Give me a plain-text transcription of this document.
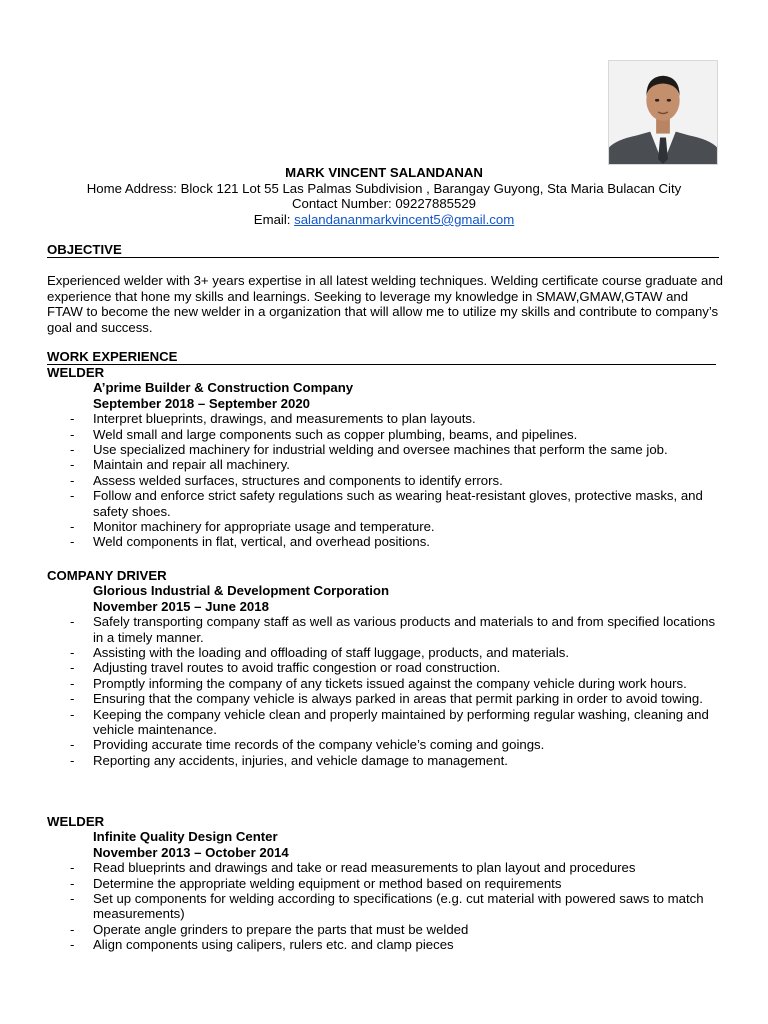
MARK VINCENT SALANDANAN
Home Address: Block 121 Lot 55 Las Palmas Subdivision , Barangay Guyong, Sta Maria Bulacan City
Contact Number: 09227885529
Email: salandananmarkvincent5@gmail.com
OBJECTIVE
Experienced welder with 3+ years expertise in all latest welding techniques. Welding certificate course graduate and experience that hone my skills and learnings. Seeking to leverage my knowledge in SMAW,GMAW,GTAW and FTAW to become the new welder in a organization that will allow me to utilize my skills and contribute to company’s goal and success.
WORK EXPERIENCE
WELDER
A’prime Builder & Construction Company
September 2018 – September 2020
- Interpret blueprints, drawings, and measurements to plan layouts.
- Weld small and large components such as copper plumbing, beams, and pipelines.
- Use specialized machinery for industrial welding and oversee machines that perform the same job.
- Maintain and repair all machinery.
- Assess welded surfaces, structures and components to identify errors.
- Follow and enforce strict safety regulations such as wearing heat-resistant gloves, protective masks, and safety shoes.
- Monitor machinery for appropriate usage and temperature.
- Weld components in flat, vertical, and overhead positions.
COMPANY DRIVER
Glorious Industrial & Development Corporation
November 2015 – June 2018
- Safely transporting company staff as well as various products and materials to and from specified locations in a timely manner.
- Assisting with the loading and offloading of staff luggage, products, and materials.
- Adjusting travel routes to avoid traffic congestion or road construction.
- Promptly informing the company of any tickets issued against the company vehicle during work hours.
- Ensuring that the company vehicle is always parked in areas that permit parking in order to avoid towing.
- Keeping the company vehicle clean and properly maintained by performing regular washing, cleaning and vehicle maintenance.
- Providing accurate time records of the company vehicle’s coming and goings.
- Reporting any accidents, injuries, and vehicle damage to management.
WELDER
Infinite Quality Design Center
November 2013 – October 2014
- Read blueprints and drawings and take or read measurements to plan layout and procedures
- Determine the appropriate welding equipment or method based on requirements
- Set up components for welding according to specifications (e.g. cut material with powered saws to match measurements)
- Operate angle grinders to prepare the parts that must be welded
- Align components using calipers, rulers etc. and clamp pieces
